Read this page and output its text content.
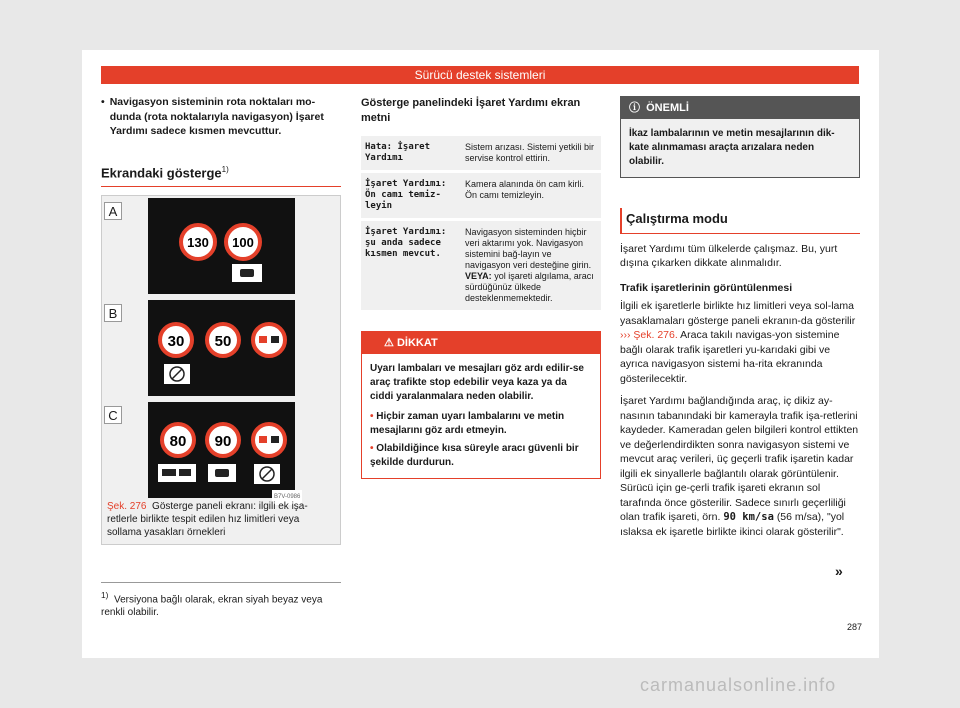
Sürücü destek sistemleri
• Navigasyon sisteminin rota noktaları mo-dunda (rota noktalarıyla navigasyon) İşaret Yardımı sadece kısmen mevcuttur.
Ekrandaki gösterge$^{1)}$
A
B
C
130 100
30 50
80 90
B7V-0986
Şek. 276 Gösterge paneli ekranı: ilgili ek işa-retlerle birlikte tespit edilen hız limitleri veya sollama yasakları örnekleri
$^{1)}$ Versiyona bağlı olarak, ekran siyah beyaz veya renkli olabilir.
Gösterge panelindeki İşaret Yardımı ekran metni
Hata: İşaret Yardımı	Sistem arızası. Sistemi yetkili bir servise kontrol ettirin.
İşaret Yardımı: Ön camı temiz-leyin	Kamera alanında ön cam kirli. Ön camı temizleyin.
İşaret Yardımı: şu anda sadece kısmen mevcut.	Navigasyon sisteminden hiçbir veri aktarımı yok. Navigasyon sistemini bağ-layın ve navigasyon veri desteğine girin. VEYA: yol işareti algılama, aracı sürdüğünüz ülkede desteklenmemektedir.
⚠ DİKKAT
Uyarı lambaları ve mesajları göz ardı edilir-se araç trafikte stop edebilir veya kaza ya da ciddi yaralanmalara neden olabilir.
• Hiçbir zaman uyarı lambalarını ve metin mesajlarını göz ardı etmeyin.
• Olabildiğince kısa süreyle aracı güvenli bir şekilde durdurun.
ⓘ ÖNEMLİ
İkaz lambalarının ve metin mesajlarının dik-kate alınmaması araçta arızalara neden olabilir.
Çalıştırma modu

İşaret Yardımı tüm ülkelerde çalışmaz. Bu, yurt dışına çıkarken dikkate alınmalıdır.

Trafik işaretlerinin görüntülenmesi

İlgili ek işaretlerle birlikte hız limitleri veya sol-lama yasaklamaları gösterge paneli ekranın-da gösterilir ››› Şek. 276. Araca takılı navigas-yon sistemine bağlı olarak trafik işaretleri yu-karıdaki gibi ve ayrıca navigasyon sistemi ha-rita ekranında gösterilecektir.

İşaret Yardımı bağlandığında araç, iç dikiz ay-nasının tabanındaki bir kamerayla trafik işa-retlerini kaydeder. Kameradan gelen bilgileri kontrol ettikten ve değerlendirdikten sonra navigasyon sistemi ve mevcut araç verileri, üç geçerli trafik işaretin kadar ilgili ek sinyallerle bağlantılı olarak görüntülenir. Sürücü için ge-çerli trafik işareti ekranın sol tarafında önce gösterilir. Sadece sınırlı geçerliliği olan trafik işareti, örn. 90 km/sa (56 m/sa), "yol ıslaksa ek işaretle birlikte ikinci olarak gösterilir".

»
287
carmanualsonline.info
